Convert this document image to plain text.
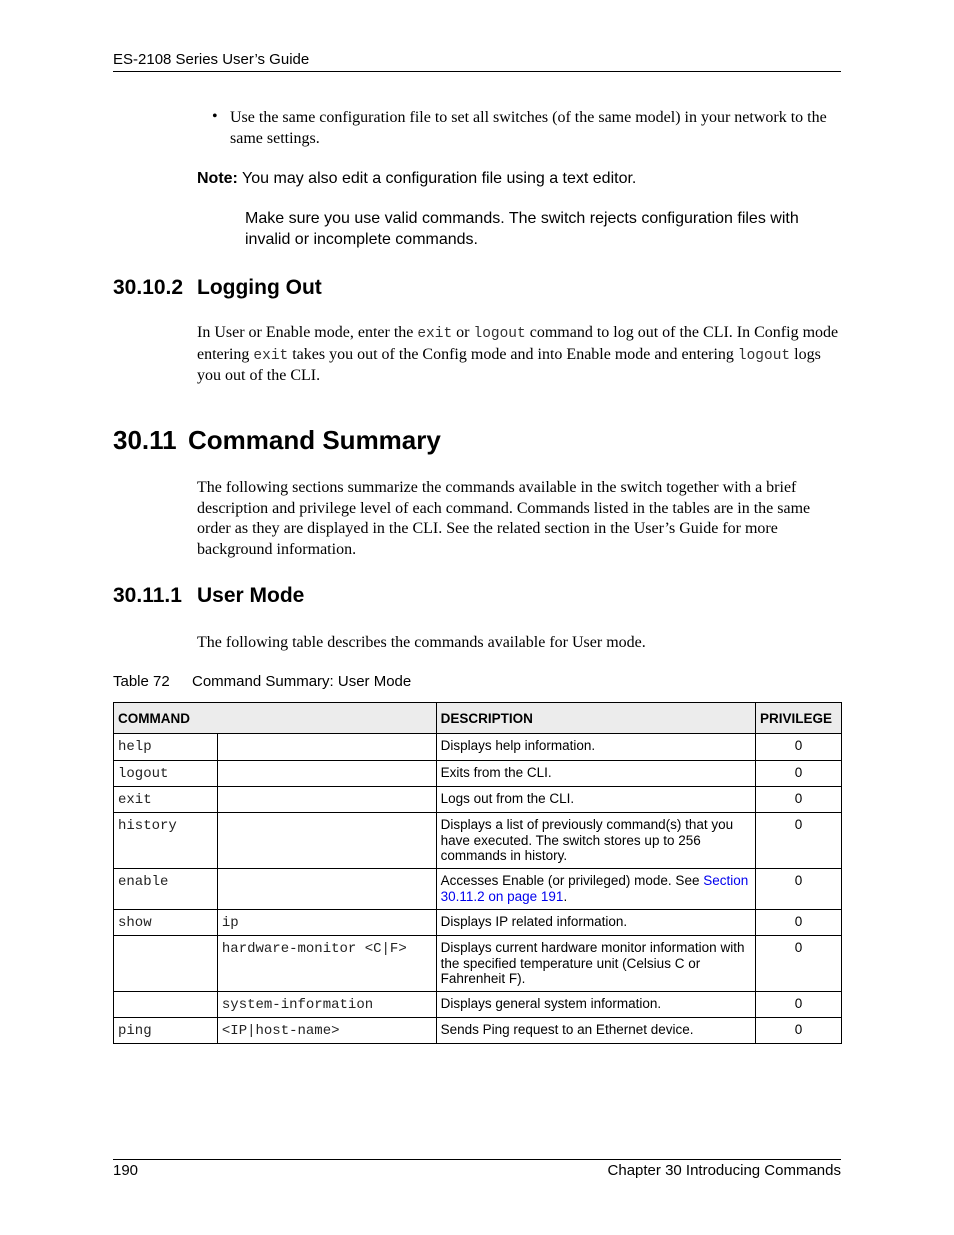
ES-2108 Series User’s Guide
• Use the same configuration file to set all switches (of the same model) in your network to the same settings.
Note: You may also edit a configuration file using a text editor.
Make sure you use valid commands. The switch rejects configuration files with invalid or incomplete commands.
30.10.2 Logging Out
In User or Enable mode, enter the exit or logout command to log out of the CLI. In Config mode entering exit takes you out of the Config mode and into Enable mode and entering logout logs you out of the CLI.
30.11 Command Summary
The following sections summarize the commands available in the switch together with a brief description and privilege level of each command. Commands listed in the tables are in the same order as they are displayed in the CLI. See the related section in the User’s Guide for more background information.
30.11.1 User Mode
The following table describes the commands available for User mode.
Table 72 Command Summary: User Mode
COMMAND		DESCRIPTION	PRIVILEGE
help		Displays help information.	0
logout		Exits from the CLI.	0
exit		Logs out from the CLI.	0
history		Displays a list of previously command(s) that you have executed. The switch stores up to 256 commands in history.	0
enable		Accesses Enable (or privileged) mode. See Section 30.11.2 on page 191.	0
show	ip	Displays IP related information.	0
	hardware-monitor <C|F>	Displays current hardware monitor information with the specified temperature unit (Celsius C or Fahrenheit F).	0
	system-information	Displays general system information.	0
ping	<IP|host-name>	Sends Ping request to an Ethernet device.	0
190	Chapter 30 Introducing Commands
